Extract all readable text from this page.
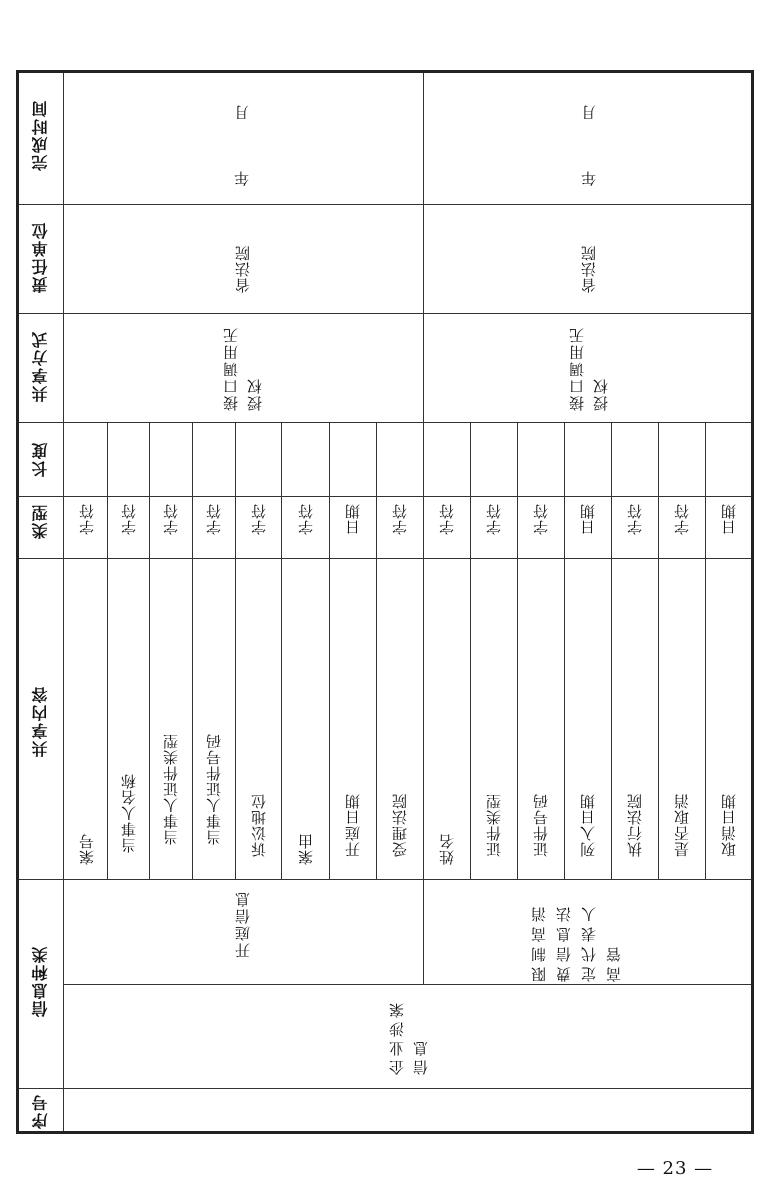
完成时间
责任单位
共享方式
长度
类型
共享内容
信息种类
序号
年　月
省法院
接口调用无授权
开庭信息
年　月
省法院
接口调用无授权
限制高消费信息法定代表人高管
企业涉案信息
字符
案号
字符
当事人名称
字符
当事人证件类型
字符
当事人证件号码
字符
诉讼地位
字符
案由
日期
开庭日期
字符
受理法院
字符
姓名
字符
证件类型
字符
证件号码
日期
列入日期
字符
执行法院
字符
是否取消
日期
取消日期
— 23 —
